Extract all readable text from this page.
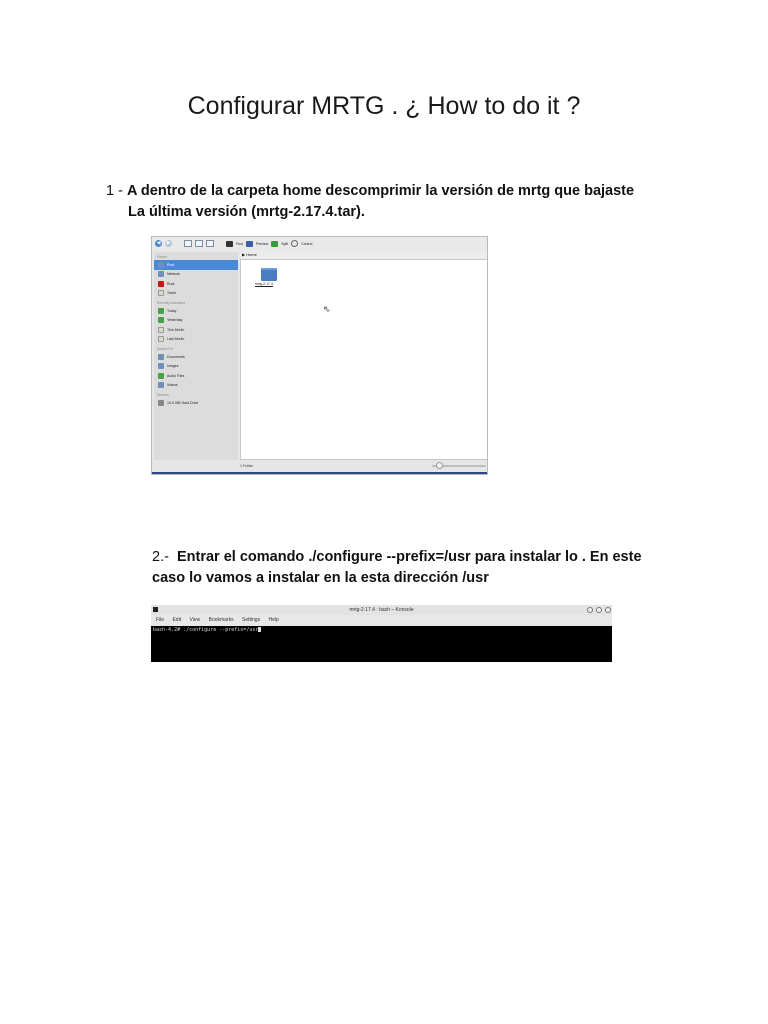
Configurar MRTG . ¿ How to do it ?
1 - A dentro de la carpeta home descomprimir la versión de mrtg que bajaste
La última versión (mrtg-2.17.4.tar).
◀	▶	Find	Preview	Split	Control
Places
Root
Network
Root
Trash
Recently Accessed
Today
Yesterday
This Month
Last Month
Search For
Documents
Images
Audio Files
Videos
Devices
10.0 GiB Hard Drive
▶ Home
mrtg-2.17.4
⇖
1 Folder
2.- Entrar el comando ./configure --prefix=/usr para instalar lo . En este caso lo vamos a instalar en la esta dirección /usr
mrtg-2.17.4 : bash – Konsole
File Edit View Bookmarks Settings Help
bash-4.2# ./configure --prefix=/usr
